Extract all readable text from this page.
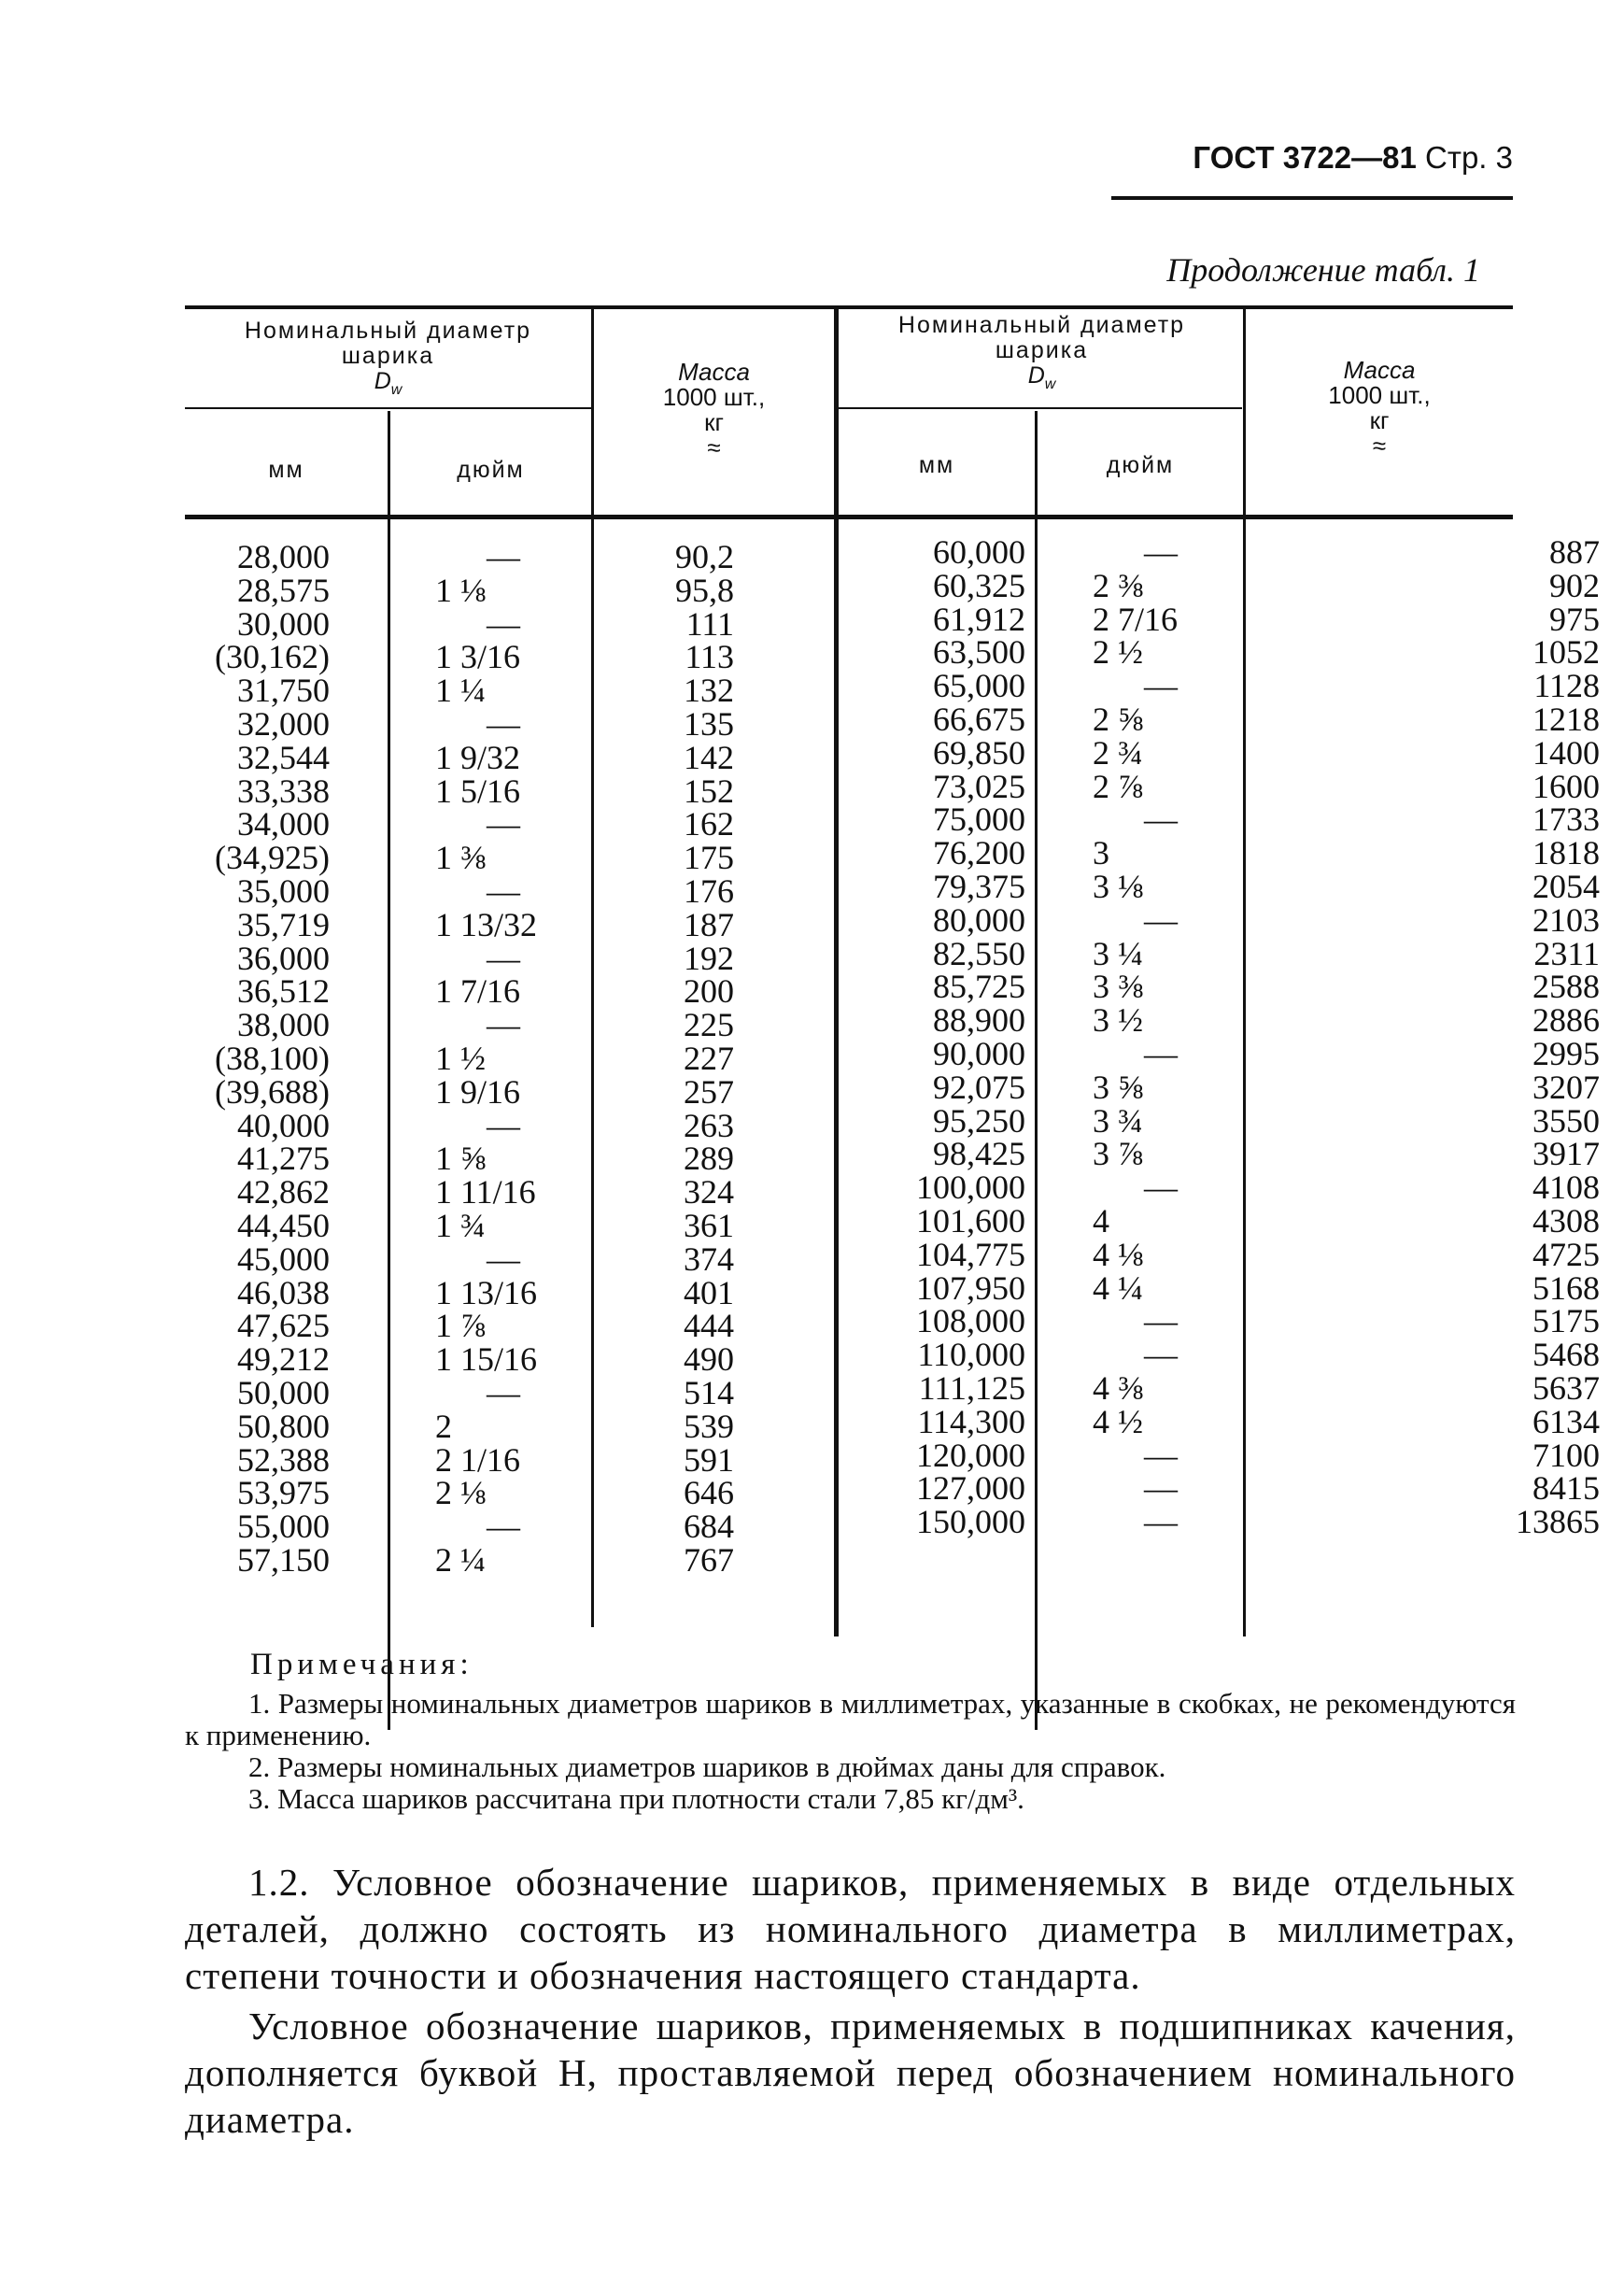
ГОСТ 3722—81 Стр. 3
Продолжение табл. 1
Номинальный диаметр
шарика
$D_w$
мм	дюйм
Масса
1000 шт.,
кг
≈
Номинальный диаметр
шарика
$D_w$
мм	дюйм
Масса
1000 шт.,
кг
≈
28,000
28,575
30,000
(30,162)
31,750
32,000
32,544
33,338
34,000
(34,925)
35,000
35,719
36,000
36,512
38,000
(38,100)
(39,688)
40,000
41,275
42,862
44,450
45,000
46,038
47,625
49,212
50,000
50,800
52,388
53,975
55,000
57,150
—
1 ⅛
—
1 3/16
1 ¼
—
1 9/32
1 5/16
—
1 ⅜
—
1 13/32
—
1 7/16
—
1 ½
1 9/16
—
1 ⅝
1 11/16
1 ¾
—
1 13/16
1 ⅞
1 15/16
—
2
2 1/16
2 ⅛
—
2 ¼
90,2
95,8
111
113
132
135
142
152
162
175
176
187
192
200
225
227
257
263
289
324
361
374
401
444
490
514
539
591
646
684
767
60,000
60,325
61,912
63,500
65,000
66,675
69,850
73,025
75,000
76,200
79,375
80,000
82,550
85,725
88,900
90,000
92,075
95,250
98,425
100,000
101,600
104,775
107,950
108,000
110,000
111,125
114,300
120,000
127,000
150,000
—
2 ⅜
2 7/16
2 ½
—
2 ⅝
2 ¾
2 ⅞
—
3
3 ⅛
—
3 ¼
3 ⅜
3 ½
—
3 ⅝
3 ¾
3 ⅞
—
4
4 ⅛
4 ¼
—
—
4 ⅜
4 ½
—
—
—
887
902
975
1052
1128
1218
1400
1600
1733
1818
2054
2103
2311
2588
2886
2995
3207
3550
3917
4108
4308
4725
5168
5175
5468
5637
6134
7100
8415
13865
Примечания:

1. Размеры номинальных диаметров шариков в миллиметрах, указанные в скобках, не рекомендуются к применению.

2. Размеры номинальных диаметров шариков в дюймах даны для справок.

3. Масса шариков рассчитана при плотности стали 7,85 кг/дм³.

1.2. Условное обозначение шариков, применяемых в виде отдельных деталей, должно состоять из номинального диаметра в миллиметрах, степени точности и обозначения настоящего стандарта.

Условное обозначение шариков, применяемых в подшипниках качения, дополняется буквой Н, проставляемой перед обозначением номинального диаметра.
